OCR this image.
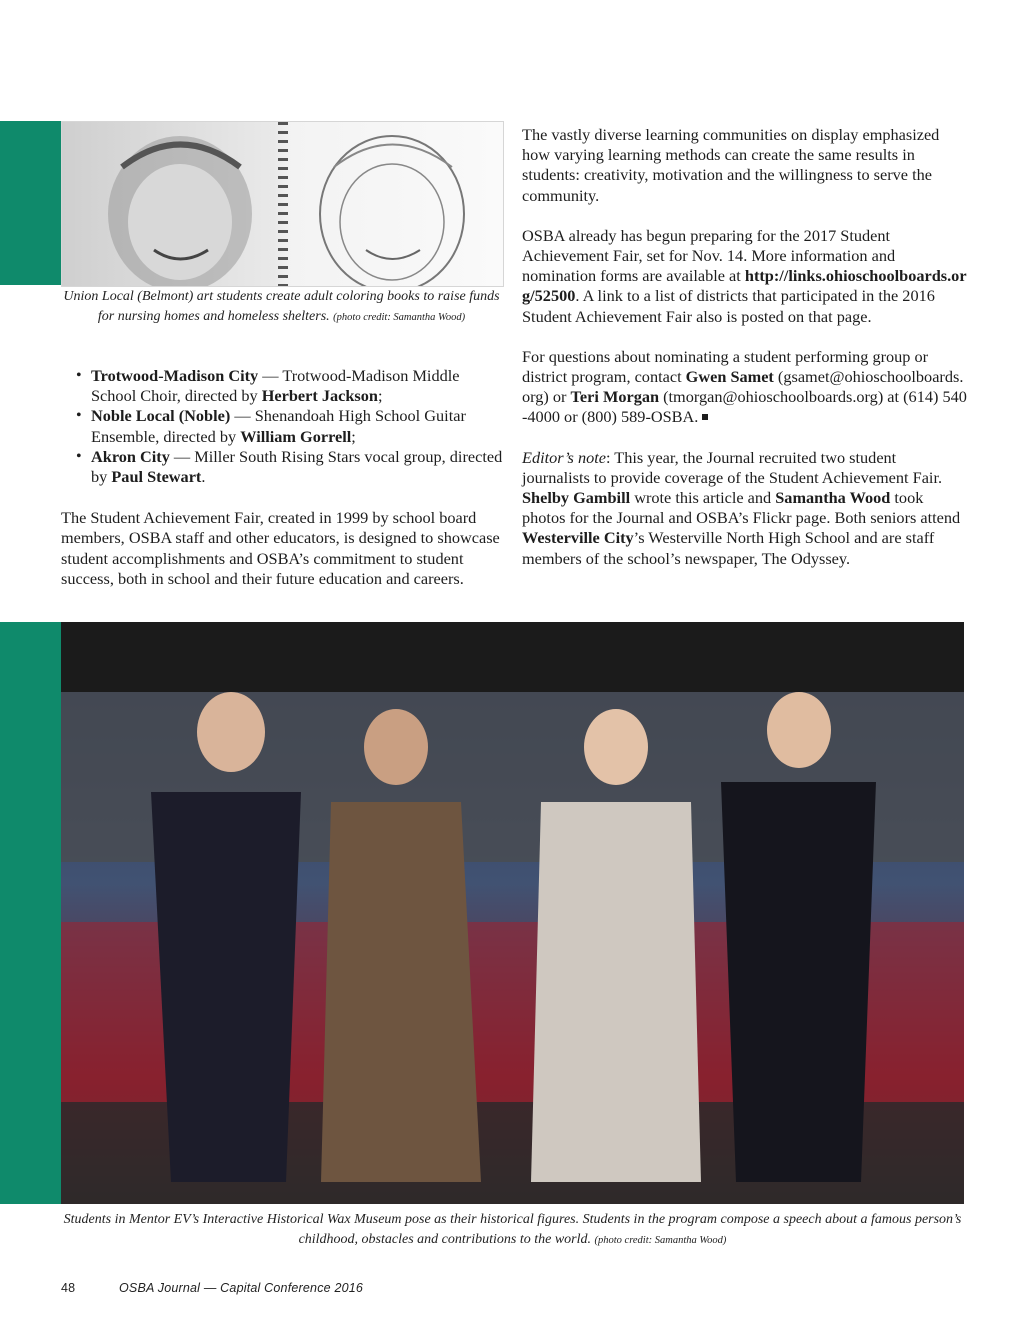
Union Local (Belmont) art students create adult coloring books to raise funds for nursing homes and homeless shelters. (photo credit: Samantha Wood)
• Trotwood-Madison City — Trotwood-Madison Middle School Choir, directed by Herbert Jackson;
• Noble Local (Noble) — Shenandoah High School Guitar Ensemble, directed by William Gorrell;
• Akron City — Miller South Rising Stars vocal group, directed by Paul Stewart.

The Student Achievement Fair, created in 1999 by school board members, OSBA staff and other educators, is designed to showcase student accomplishments and OSBA’s commitment to student success, both in school and their future education and careers.

The vastly diverse learning communities on display emphasized how varying learning methods can create the same results in students: creativity, motivation and the willingness to serve the community.

OSBA already has begun preparing for the 2017 Student Achievement Fair, set for Nov. 14. More information and nomination forms are available at http://links.ohioschoolboards.org/52500. A link to a list of districts that participated in the 2016 Student Achievement Fair also is posted on that page.

For questions about nominating a student performing group or district program, contact Gwen Samet (gsamet@ohioschoolboards.org) or Teri Morgan (tmorgan@ohioschoolboards.org) at (614) 540-4000 or (800) 589-OSBA.

Editor’s note: This year, the Journal recruited two student journalists to provide coverage of the Student Achievement Fair. Shelby Gambill wrote this article and Samantha Wood took photos for the Journal and OSBA’s Flickr page. Both seniors attend Westerville City’s Westerville North High School and are staff members of the school’s newspaper, The Odyssey.

Students in Mentor EV’s Interactive Historical Wax Museum pose as their historical figures. Students in the program compose a speech about a famous person’s childhood, obstacles and contributions to the world. (photo credit: Samantha Wood)
48	OSBA Journal — Capital Conference 2016
